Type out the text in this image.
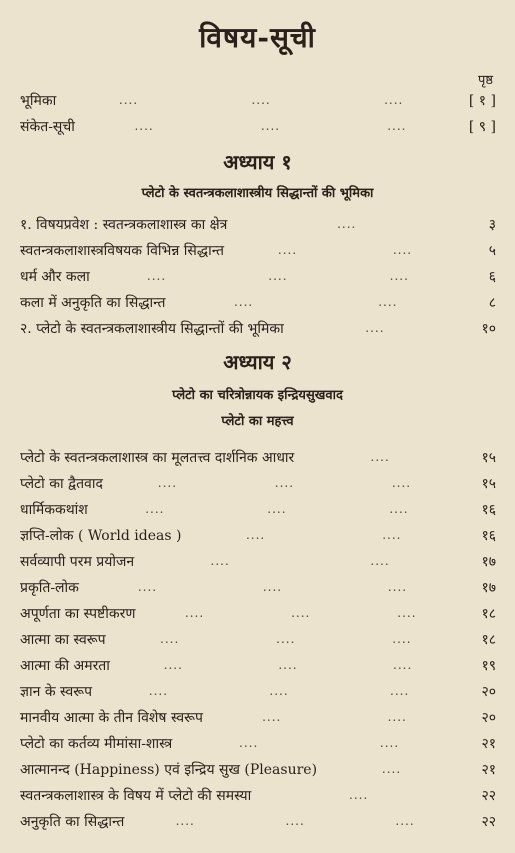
विषय-सूची
पृष्ठ
भूमिका	....	....	....	[ १ ]
संकेत-सूची	....	....	....	[ ९ ]
अध्याय १
प्लेटो के स्वतन्त्रकलाशास्त्रीय सिद्धान्तों की भूमिका
१. विषयप्रवेश : स्वतन्त्रकलाशास्त्र का क्षेत्र	....	३
स्वतन्त्रकलाशास्त्रविषयक विभिन्न सिद्धान्त	....	....	५
धर्म और कला	....	....	....	६
कला में अनुकृति का सिद्धान्त	....	....	८
२. प्लेटो के स्वतन्त्रकलाशास्त्रीय सिद्धान्तों की भूमिका	....	१०
अध्याय २
प्लेटो का चरित्रोन्नायक इन्द्रियसुखवाद
प्लेटो का महत्त्व
प्लेटो के स्वतन्त्रकलाशास्त्र का मूलतत्त्व दार्शनिक आधार	....	१५
प्लेटो का द्वैतवाद	....	....	....	१५
धार्मिककथांश	....	....	....	१६
ज्ञप्ति-लोक ( World ideas )	....	....	१६
सर्वव्यापी परम प्रयोजन	....	....	१७
प्रकृति-लोक	....	....	....	१७
अपूर्णता का स्पष्टीकरण	....	....	....	१८
आत्मा का स्वरूप	....	....	....	१८
आत्मा की अमरता	....	....	....	१९
ज्ञान के स्वरूप	....	....	....	२०
मानवीय आत्मा के तीन विशेष स्वरूप	....	....	२०
प्लेटो का कर्तव्य मीमांसा-शास्त्र	....	....	२१
आत्मानन्द (Happiness) एवं इन्द्रिय सुख (Pleasure)	....	२१
स्वतन्त्रकलाशास्त्र के विषय में प्लेटो की समस्या	....	२२
अनुकृति का सिद्धान्त	....	....	....	२२
